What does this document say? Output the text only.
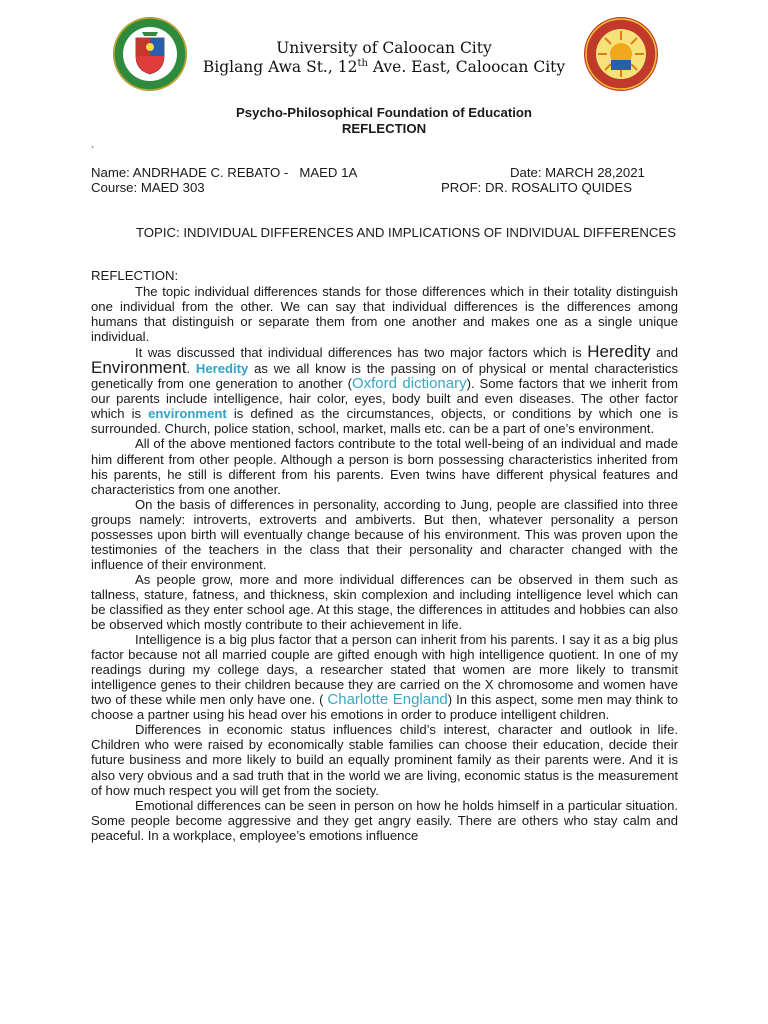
University of Caloocan City
Biglang Awa St., 12th Ave. East, Caloocan City
Psycho-Philosophical Foundation of Education
REFLECTION
`
Name: ANDRHADE C. REBATO -   MAED 1A	Date: MARCH 28,2021
Course: MAED 303	PROF: DR. ROSALITO QUIDES
TOPIC: INDIVIDUAL DIFFERENCES AND IMPLICATIONS OF INDIVIDUAL DIFFERENCES
REFLECTION:

The topic individual differences stands for those differences which in their totality distinguish one individual from the other. We can say that individual differences is the differences among humans that distinguish or separate them from one another and makes one as a single unique individual.

It was discussed that individual differences has two major factors which is Heredity and Environment. Heredity as we all know is the passing on of physical or mental characteristics genetically from one generation to another (Oxford dictionary). Some factors that we inherit from our parents include intelligence, hair color, eyes, body built and even diseases. The other factor which is environment is defined as the circumstances, objects, or conditions by which one is surrounded. Church, police station, school, market, malls etc. can be a part of one’s environment.

All of the above mentioned factors contribute to the total well-being of an individual and made him different from other people. Although a person is born possessing characteristics inherited from his parents, he still is different from his parents. Even twins have different physical features and characteristics from one another.

On the basis of differences in personality, according to Jung, people are classified into three groups namely: introverts, extroverts and ambiverts. But then, whatever personality a person possesses upon birth will eventually change because of his environment. This was proven upon the testimonies of the teachers in the class that their personality and character changed with the influence of their environment.

As people grow, more and more individual differences can be observed in them such as tallness, stature, fatness, and thickness, skin complexion and including intelligence level which can be classified as they enter school age. At this stage, the differences in attitudes and hobbies can also be observed which mostly contribute to their achievement in life.

Intelligence is a big plus factor that a person can inherit from his parents. I say it as a big plus factor because not all married couple are gifted enough with high intelligence quotient. In one of my readings during my college days, a researcher stated that women are more likely to transmit intelligence genes to their children because they are carried on the X chromosome and women have two of these while men only have one. ( Charlotte England) In this aspect, some men may think to choose a partner using his head over his emotions in order to produce intelligent children.

Differences in economic status influences child’s interest, character and outlook in life. Children who were raised by economically stable families can choose their education, decide their future business and more likely to build an equally prominent family as their parents were. And it is also very obvious and a sad truth that in the world we are living, economic status is the measurement of how much respect you will get from the society.

Emotional differences can be seen in person on how he holds himself in a particular situation. Some people become aggressive and they get angry easily. There are others who stay calm and peaceful. In a workplace, employee’s emotions influence
